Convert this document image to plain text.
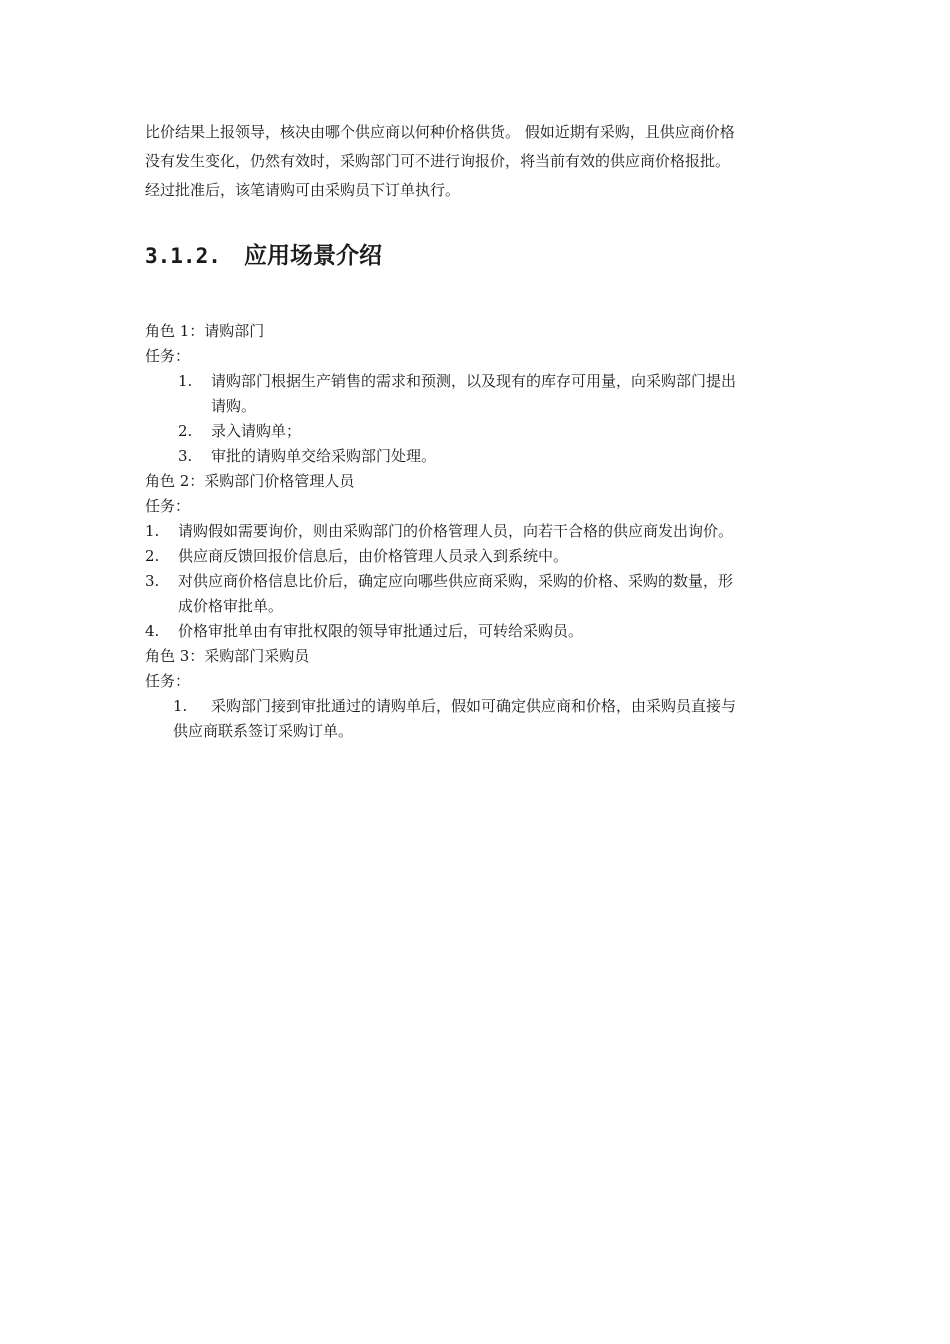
比价结果上报领导，核决由哪个供应商以何种价格供货。 假如近期有采购，且供应商价格

没有发生变化，仍然有效时，采购部门可不进行询报价，将当前有效的供应商价格报批。

经过批准后，该笔请购可由采购员下订单执行。

3.1.2.	应用场景介绍

角色 1：请购部门

任务：

1.	请购部门根据生产销售的需求和预测，以及现有的库存可用量，向采购部门提出
请购。
2.	录入请购单；
3.	审批的请购单交给采购部门处理。

角色 2：采购部门价格管理人员

任务：

1.	请购假如需要询价，则由采购部门的价格管理人员，向若干合格的供应商发出询价。
2.	供应商反馈回报价信息后，由价格管理人员录入到系统中。
3.	对供应商价格信息比价后，确定应向哪些供应商采购，采购的价格、采购的数量，形
成价格审批单。
4.	价格审批单由有审批权限的领导审批通过后，可转给采购员。

角色 3：采购部门采购员

任务：

1. 采购部门接到审批通过的请购单后，假如可确定供应商和价格，由采购员直接与
供应商联系签订采购订单。
